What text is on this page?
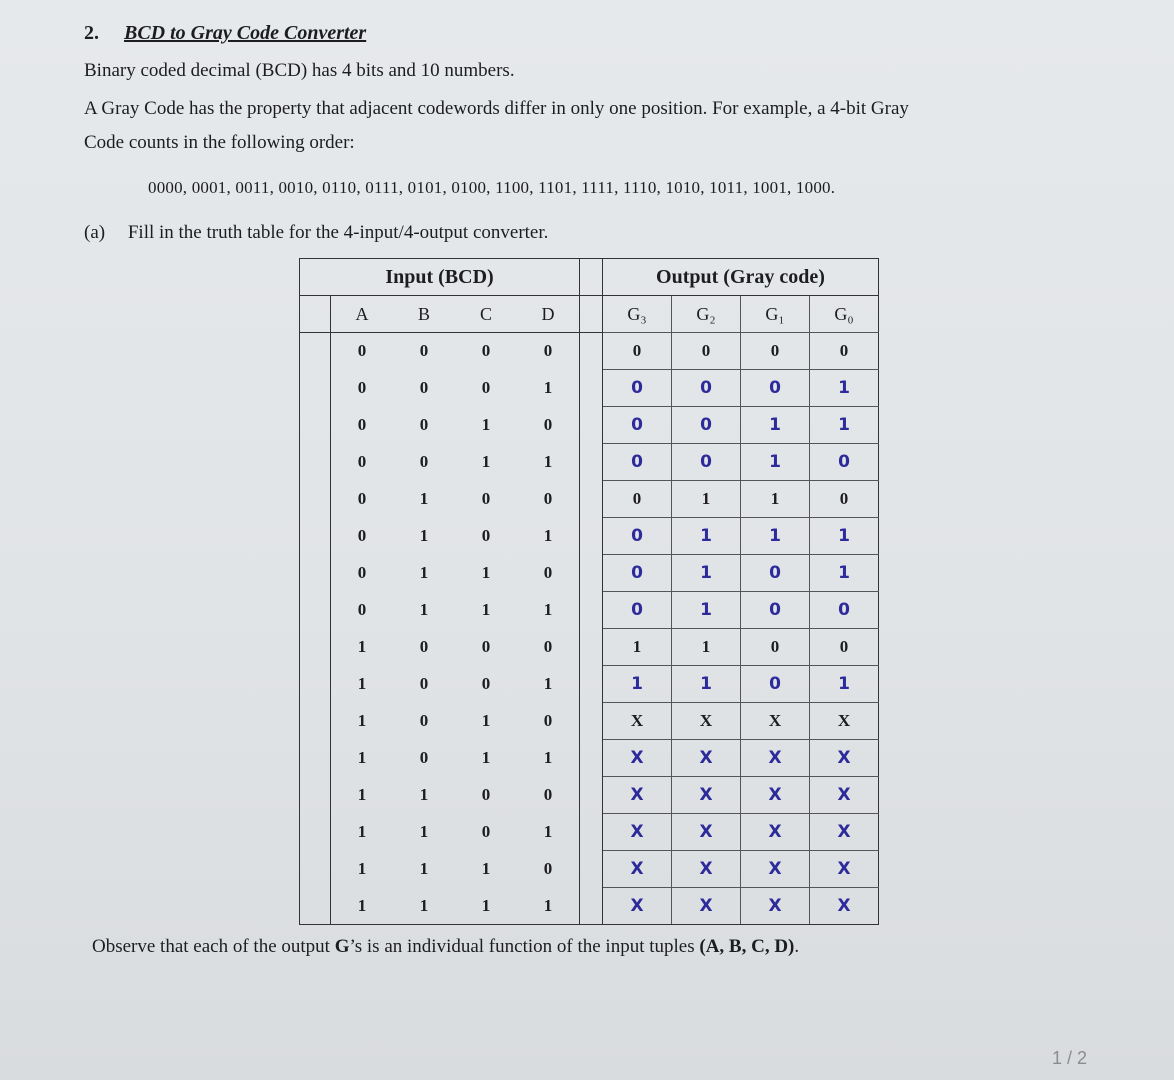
2. BCD to Gray Code Converter
Binary coded decimal (BCD) has 4 bits and 10 numbers.
A Gray Code has the property that adjacent codewords differ in only one position. For example, a 4-bit Gray
Code counts in the following order:
0000, 0001, 0011, 0010, 0110, 0111, 0101, 0100, 1100, 1101, 1111, 1110, 1010, 1011, 1001, 1000.
(a) Fill in the truth table for the 4-input/4-output converter.
Input (BCD)						Output (Gray code)			
	A	B	C	D		G₃	G₂	G₁	G₀
	0	0	0	0		0	0	0	0
	0	0	0	1		0	0	0	1
	0	0	1	0		0	0	1	1
	0	0	1	1		0	0	1	0
	0	1	0	0		0	1	1	0
	0	1	0	1		0	1	1	1
	0	1	1	0		0	1	0	1
	0	1	1	1		0	1	0	0
	1	0	0	0		1	1	0	0
	1	0	0	1		1	1	0	1
	1	0	1	0		X	X	X	X
	1	0	1	1		X	X	X	X
	1	1	0	0		X	X	X	X
	1	1	0	1		X	X	X	X
	1	1	1	0		X	X	X	X
	1	1	1	1		X	X	X	X
Observe that each of the output G’s is an individual function of the input tuples (A, B, C, D).
1 / 2
